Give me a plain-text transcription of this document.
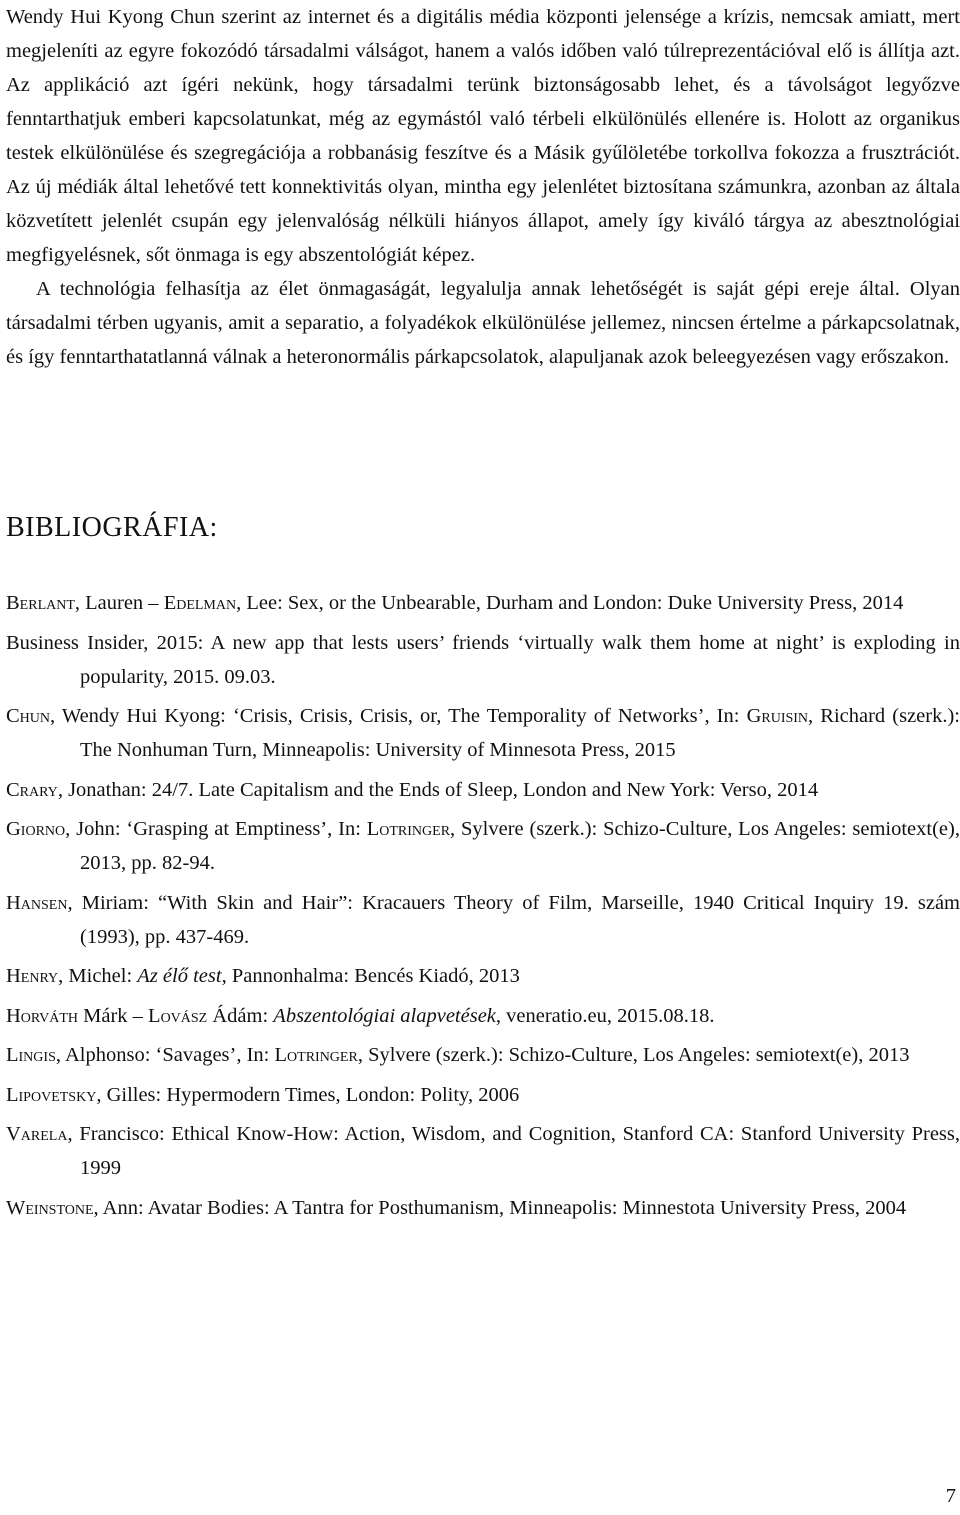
Wendy Hui Kyong Chun szerint az internet és a digitális média központi jelensége a krízis, nemcsak amiatt, mert megjeleníti az egyre fokozódó társadalmi válságot, hanem a valós időben való túlreprezentációval elő is állítja azt. Az applikáció azt ígéri nekünk, hogy társadalmi terünk biztonságosabb lehet, és a távolságot legyőzve fenntarthatjuk emberi kapcsolatunkat, még az egymástól való térbeli elkülönülés ellenére is. Holott az organikus testek elkülönülése és szegregációja a robbanásig feszítve és a Másik gyűlöletébe torkollva fokozza a frusztrációt. Az új médiák által lehetővé tett konnektivitás olyan, mintha egy jelenlétet biztosítana számunkra, azonban az általa közvetített jelenlét csupán egy jelenvalóság nélküli hiányos állapot, amely így kiváló tárgya az abesztnológiai megfigyelésnek, sőt önmaga is egy abszentológiát képez.

A technológia felhasítja az élet önmagaságát, legyalulja annak lehetőségét is saját gépi ereje által. Olyan társadalmi térben ugyanis, amit a separatio, a folyadékok elkülönülése jellemez, nincsen értelme a párkapcsolatnak, és így fenntarthatatlanná válnak a heteronormális párkapcsolatok, alapuljanak azok beleegyezésen vagy erőszakon.

BIBLIOGRÁFIA:

Berlant, Lauren – Edelman, Lee: Sex, or the Unbearable, Durham and London: Duke University Press, 2014

Business Insider, 2015: A new app that lests users’ friends ‘virtually walk them home at night’ is exploding in popularity, 2015. 09.03.

Chun, Wendy Hui Kyong: ‘Crisis, Crisis, Crisis, or, The Temporality of Networks’, In: Gruisin, Richard (szerk.): The Nonhuman Turn, Minneapolis: University of Minnesota Press, 2015

Crary, Jonathan: 24/7. Late Capitalism and the Ends of Sleep, London and New York: Verso, 2014

Giorno, John: ‘Grasping at Emptiness’, In: Lotringer, Sylvere (szerk.): Schizo-Culture, Los Angeles: semiotext(e), 2013, pp. 82-94.

Hansen, Miriam: “With Skin and Hair”: Kracauers Theory of Film, Marseille, 1940 Critical Inquiry 19. szám (1993), pp. 437-469.

Henry, Michel: Az élő test, Pannonhalma: Bencés Kiadó, 2013

Horváth Márk – Lovász Ádám: Abszentológiai alapvetések, veneratio.eu, 2015.08.18.

Lingis, Alphonso: ‘Savages’, In: Lotringer, Sylvere (szerk.): Schizo-Culture, Los Angeles: semiotext(e), 2013

Lipovetsky, Gilles: Hypermodern Times, London: Polity, 2006

Varela, Francisco: Ethical Know-How: Action, Wisdom, and Cognition, Stanford CA: Stanford University Press, 1999

Weinstone, Ann: Avatar Bodies: A Tantra for Posthumanism, Minneapolis: Minnestota University Press, 2004

7
